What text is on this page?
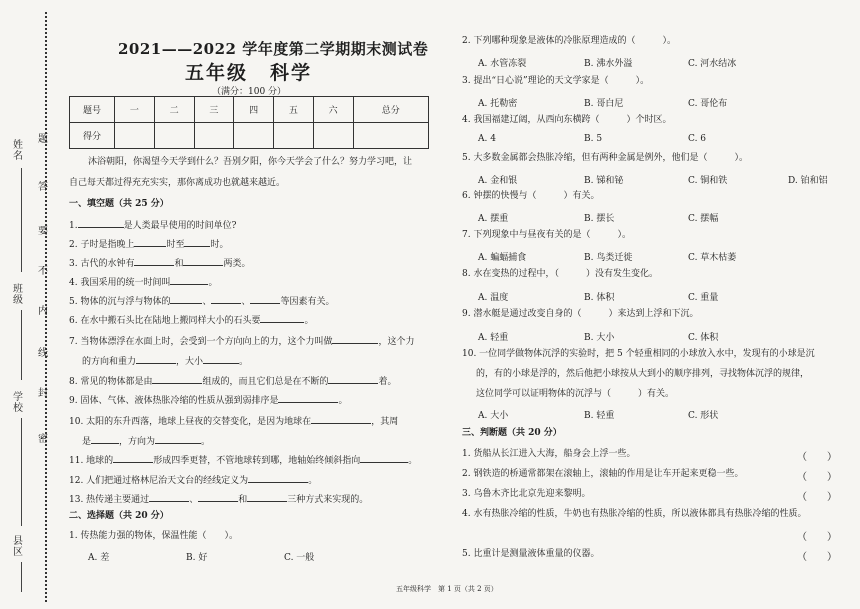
姓名
班级
学校
县区
题
答
要
不
内
线
封
密
2021——2022 学年度第二学期期末测试卷
五年级 科学
（满分：100 分）
题号	一	二	三	四	五	六	总分
得分							
沐浴朝阳，你渴望今天学到什么？吾别夕阳，你今天学会了什么？努力学习吧，让
自己每天都过得充充实实，那你离成功也就越来越近。
一、填空题（共 25 分）
1.	是人类最早使用的时间单位?
2. 子时是指晚上	时至	时。
3. 古代的水钟有	和	两类。
4. 我国采用的统一时间叫	。
5. 物体的沉与浮与物体的	、	、	等因素有关。
6. 在水中搬石头比在陆地上搬同样大小的石头要	。
7. 当物体漂浮在水面上时，会受到一个方向向上的力，这个力叫做	，这个力
的方向和重力	，大小	。
8. 常见的物体都是由	组成的，而且它们总是在不断的	着。
9. 固体、气体、液体热胀冷缩的性质从强到弱排序是	。
10. 太阳的东升西落，地球上昼夜的交替变化，是因为地球在	，其周
是	，方向为	。
11. 地球的	形成四季更替，不管地球转到哪，地轴始终倾斜指向	。
12. 人们把通过格林尼治天文台的经线定义为	。
13. 热传递主要通过	、	和	三种方式来实现的。
二、选择题（共 20 分）
1. 传热能力强的物体，保温性能（　　）。
A. 差	B. 好	C. 一般
2. 下列哪种现象是液体的冷胀原理造成的（　　　）。
A. 水管冻裂	B. 沸水外溢	C. 河水结冰
3. 提出“日心说”理论的天文学家是（　　　）。
A. 托勒密	B. 哥白尼	C. 哥伦布
4. 我国福建辽阔，从西向东横跨（　　　）个时区。
A. 4	B. 5	C. 6
5. 大多数金属都会热胀冷缩，但有两种金属是例外，他们是（　　　）。
A. 金和银	B. 锑和铋	C. 铜和铁	D. 铂和铝
6. 钟摆的快慢与（　　　）有关。
A. 摆重	B. 摆长	C. 摆幅
7. 下列现象中与昼夜有关的是（　　　）。
A. 蝙蝠捕食	B. 鸟类迁徙	C. 草木枯萎
8. 水在变热的过程中，（　　　）没有发生变化。
A. 温度	B. 体积	C. 重量
9. 潜水艇是通过改变自身的（　　　）来达到上浮和下沉。
A. 轻重	B. 大小	C. 体积
10. 一位同学做物体沉浮的实验时，把 5 个轻重相同的小球放入水中，发现有的小球是沉
的，有的小球是浮的，然后他把小球按从大到小的顺序排列，寻找物体沉浮的规律，
这位同学可以证明物体的沉浮与（　　　）有关。
A. 大小	B. 轻重	C. 形状
三、判断题（共 20 分）
1. 货船从长江进入大海，船身会上浮一些。	（　　）
2. 钢铁造的桥通常都架在滚轴上，滚轴的作用是让车开起来更稳一些。	（　　）
3. 乌鲁木齐比北京先迎来黎明。	（　　）
4. 水有热胀冷缩的性质，牛奶也有热胀冷缩的性质，所以液体都具有热胀冷缩的性质。
（　　）
5. 比重计是测量液体重量的仪器。	（　　）
五年级科学　第 1 页（共 2 页）
